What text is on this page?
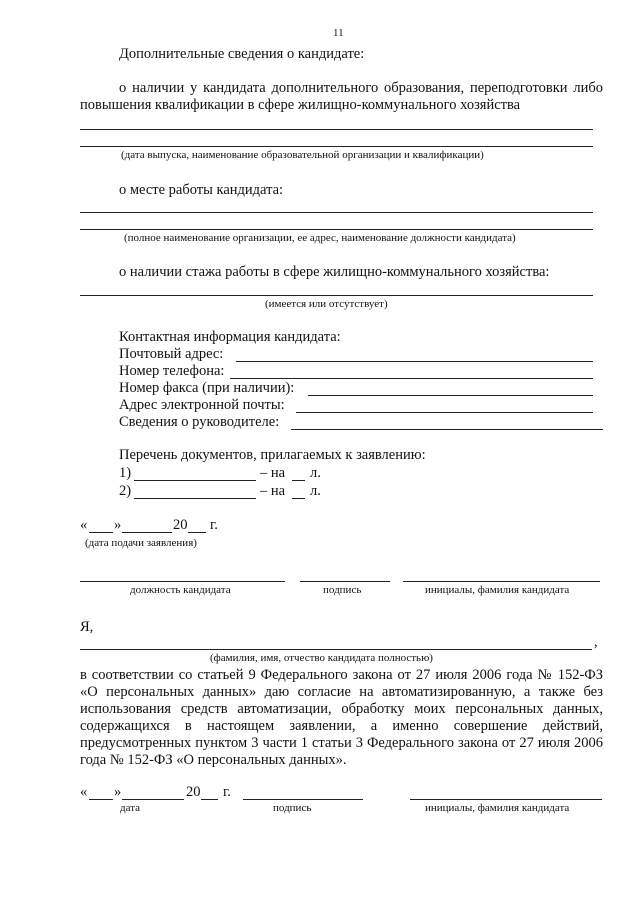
11
Дополнительные сведения о кандидате:
о наличии у кандидата дополнительного образования, переподготовки либо повышения квалификации в сфере жилищно-коммунального хозяйства
(дата выпуска, наименование образовательной организации и квалификации)
о месте работы кандидата:
(полное наименование организации, ее адрес, наименование должности кандидата)
о наличии стажа работы в сфере жилищно-коммунального хозяйства:
(имеется или отсутствует)
Контактная информация кандидата:
Почтовый адрес:
Номер телефона:
Номер факса (при наличии):
Адрес электронной почты:
Сведения о руководителе:
Перечень документов, прилагаемых к заявлению:
1)	– на л.
2)	– на л.
« »	20 г.
(дата подачи заявления)
должность кандидата	подпись	инициалы, фамилия кандидата
Я,
,
(фамилия, имя, отчество кандидата полностью)
в соответствии со статьей 9 Федерального закона от 27 июля 2006 года № 152-ФЗ «О персональных данных» даю согласие на автоматизированную, а также без использования средств автоматизации, обработку моих персональных данных, содержащихся в настоящем заявлении, а именно совершение действий, предусмотренных пунктом 3 части 1 статьи 3 Федерального закона от 27 июля 2006 года № 152-ФЗ «О персональных данных».
« »	20 г.
дата	подпись	инициалы, фамилия кандидата
